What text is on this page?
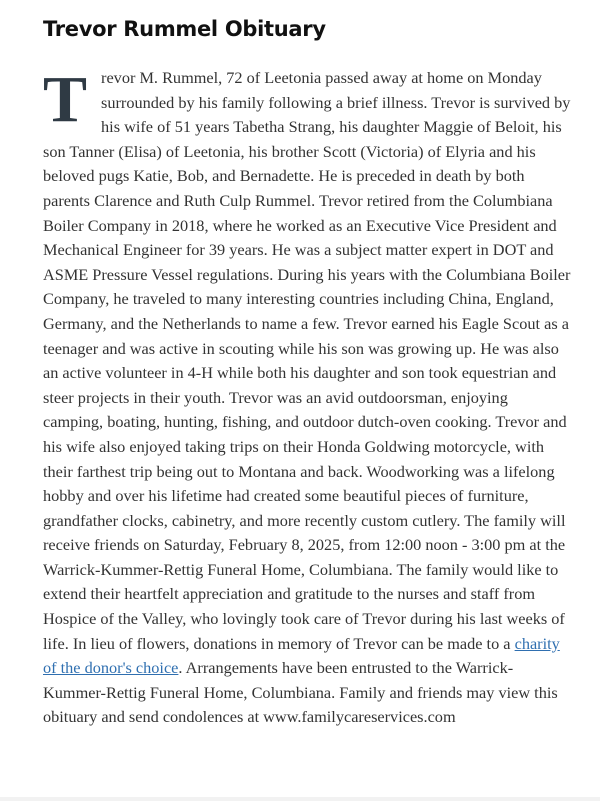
Trevor Rummel Obituary

Trevor M. Rummel, 72 of Leetonia passed away at home on Monday surrounded by his family following a brief illness. Trevor is survived by his wife of 51 years Tabetha Strang, his daughter Maggie of Beloit, his son Tanner (Elisa) of Leetonia, his brother Scott (Victoria) of Elyria and his beloved pugs Katie, Bob, and Bernadette. He is preceded in death by both parents Clarence and Ruth Culp Rummel. Trevor retired from the Columbiana Boiler Company in 2018, where he worked as an Executive Vice President and Mechanical Engineer for 39 years. He was a subject matter expert in DOT and ASME Pressure Vessel regulations. During his years with the Columbiana Boiler Company, he traveled to many interesting countries including China, England, Germany, and the Netherlands to name a few. Trevor earned his Eagle Scout as a teenager and was active in scouting while his son was growing up. He was also an active volunteer in 4-H while both his daughter and son took equestrian and steer projects in their youth. Trevor was an avid outdoorsman, enjoying camping, boating, hunting, fishing, and outdoor dutch-oven cooking. Trevor and his wife also enjoyed taking trips on their Honda Goldwing motorcycle, with their farthest trip being out to Montana and back. Woodworking was a lifelong hobby and over his lifetime had created some beautiful pieces of furniture, grandfather clocks, cabinetry, and more recently custom cutlery. The family will receive friends on Saturday, February 8, 2025, from 12:00 noon - 3:00 pm at the Warrick-Kummer-Rettig Funeral Home, Columbiana. The family would like to extend their heartfelt appreciation and gratitude to the nurses and staff from Hospice of the Valley, who lovingly took care of Trevor during his last weeks of life. In lieu of flowers, donations in memory of Trevor can be made to a charity of the donor's choice. Arrangements have been entrusted to the Warrick-Kummer-Rettig Funeral Home, Columbiana. Family and friends may view this obituary and send condolences at www.familycareservices.com
